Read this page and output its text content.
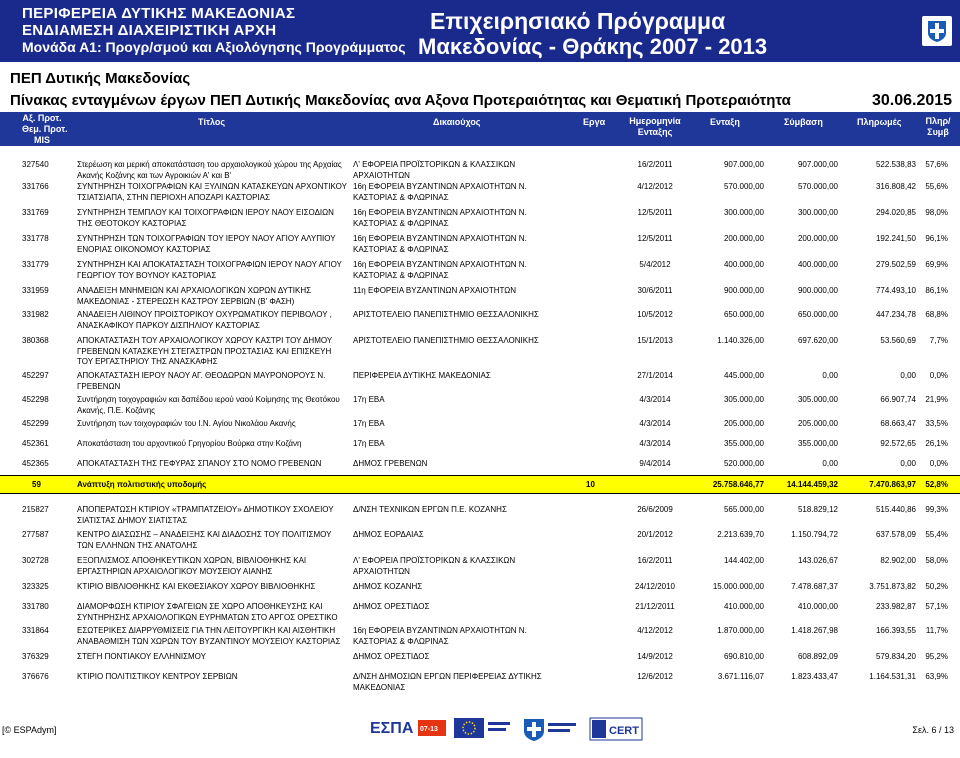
ΠΕΡΙΦΕΡΕΙΑ ΔΥΤΙΚΗΣ ΜΑΚΕΔΟΝΙΑΣ
ΕΝΔΙΑΜΕΣΗ ΔΙΑΧΕΙΡΙΣΤΙΚΗ ΑΡΧΗ
Μονάδα Α1: Προγρ/σμού και Αξιολόγησης Προγράμματος
Επιχειρησιακό Πρόγραμμα
Μακεδονίας - Θράκης 2007 - 2013
ΠΕΠ Δυτικής Μακεδονίας
Πίνακας ενταγμένων έργων ΠΕΠ Δυτικής Μακεδονίας ανα Αξονα Προτεραιότητας και Θεματική Προτεραιότητα	30.06.2015
Αξ. Προτ.
Θεμ. Προτ.
MIS
Τίτλος	Δικαιούχος	Εργα	Ημερομηνία
Ενταξης
Ενταξη	Σύμβαση	Πληρωμές	Πληρ/
Συμβ
327540	Στερέωση και μερική αποκατάσταση του αρχαιολογικού χώρου της Αρχαίας Ακανής Κοζάνης και των Αγροικιών Α' και Β'
Λ' ΕΦΟΡΕΙΑ ΠΡΟΪΣΤΟΡΙΚΩΝ & ΚΛΑΣΣΙΚΩΝ ΑΡΧΑΙΟΤΗΤΩΝ
16/2/2011	907.000,00	907.000,00	522.538,83	57,6%
331766	ΣΥΝΤΗΡΗΣΗ ΤΟΙΧΟΓΡΑΦΙΩΝ ΚΑΙ ΞΥΛΙΝΩΝ ΚΑΤΑΣΚΕΥΩΝ ΑΡΧΟΝΤΙΚΟΥ ΤΣΙΑΤΣΙΑΠΑ, ΣΤΗΝ ΠΕΡΙΟΧΗ ΑΠΟΖΑΡΙ ΚΑΣΤΟΡΙΑΣ
16η ΕΦΟΡΕΙΑ ΒΥΖΑΝΤΙΝΩΝ ΑΡΧΑΙΟΤΗΤΩΝ Ν. ΚΑΣΤΟΡΙΑΣ & ΦΛΩΡΙΝΑΣ
4/12/2012	570.000,00	570.000,00	316.808,42	55,6%
331769	ΣΥΝΤΗΡΗΣΗ ΤΕΜΠΛΟΥ ΚΑΙ ΤΟΙΧΟΓΡΑΦΙΩΝ ΙΕΡΟΥ ΝΑΟΥ ΕΙΣΟΔΙΩΝ ΤΗΣ ΘΕΟΤΟΚΟΥ ΚΑΣΤΟΡΙΑΣ
16η ΕΦΟΡΕΙΑ ΒΥΖΑΝΤΙΝΩΝ ΑΡΧΑΙΟΤΗΤΩΝ Ν. ΚΑΣΤΟΡΙΑΣ & ΦΛΩΡΙΝΑΣ
12/5/2011	300.000,00	300.000,00	294.020,85	98,0%
331778	ΣΥΝΤΗΡΗΣΗ ΤΩΝ ΤΟΙΧΟΓΡΑΦΙΩΝ ΤΟΥ ΙΕΡΟΥ ΝΑΟΥ ΑΓΙΟΥ ΑΛΥΠΙΟΥ ΕΝΟΡΙΑΣ ΟΙΚΟΝΟΜΟΥ ΚΑΣΤΟΡΙΑΣ
16η ΕΦΟΡΕΙΑ ΒΥΖΑΝΤΙΝΩΝ ΑΡΧΑΙΟΤΗΤΩΝ Ν. ΚΑΣΤΟΡΙΑΣ & ΦΛΩΡΙΝΑΣ
12/5/2011	200.000,00	200.000,00	192.241,50	96,1%
331779	ΣΥΝΤΗΡΗΣΗ ΚΑΙ ΑΠΟΚΑΤΑΣΤΑΣΗ ΤΟΙΧΟΓΡΑΦΙΩΝ ΙΕΡΟΥ ΝΑΟΥ ΑΓΙΟΥ ΓΕΩΡΓΙΟΥ ΤΟΥ ΒΟΥΝΟΥ ΚΑΣΤΟΡΙΑΣ
16η ΕΦΟΡΕΙΑ ΒΥΖΑΝΤΙΝΩΝ ΑΡΧΑΙΟΤΗΤΩΝ Ν. ΚΑΣΤΟΡΙΑΣ & ΦΛΩΡΙΝΑΣ
5/4/2012	400.000,00	400.000,00	279.502,59	69,9%
331959	ΑΝΑΔΕΙΞΗ ΜΝΗΜΕΙΩΝ ΚΑΙ ΑΡΧΑΙΟΛΟΓΙΚΩΝ ΧΩΡΩΝ ΔΥΤΙΚΗΣ ΜΑΚΕΔΟΝΙΑΣ - ΣΤΕΡΕΩΣΗ ΚΑΣΤΡΟΥ ΣΕΡΒΙΩΝ (Β' ΦΑΣΗ)
11η ΕΦΟΡΕΙΑ ΒΥΖΑΝΤΙΝΩΝ ΑΡΧΑΙΟΤΗΤΩΝ	30/6/2011	900.000,00	900.000,00	774.493,10	86,1%
331982	ΑΝΑΔΕΙΞΗ ΛΙΘΙΝΟΥ ΠΡΟΙΣΤΟΡΙΚΟΥ ΟΧΥΡΩΜΑΤΙΚΟΥ ΠΕΡΙΒΟΛΟΥ , ΑΝΑΣΚΑΦΙΚΟΥ ΠΑΡΚΟΥ ΔΙΣΠΗΛΙΟΥ ΚΑΣΤΟΡΙΑΣ
ΑΡΙΣΤΟΤΕΛΕΙΟ ΠΑΝΕΠΙΣΤΗΜΙΟ ΘΕΣΣΑΛΟΝΙΚΗΣ	10/5/2012	650.000,00	650.000,00	447.234,78	68,8%
380368	ΑΠΟΚΑΤΑΣΤΑΣΗ ΤΟΥ ΑΡΧΑΙΟΛΟΓΙΚΟΥ ΧΩΡΟΥ ΚΑΣΤΡΙ ΤΟΥ ΔΗΜΟΥ ΓΡΕΒΕΝΩΝ ΚΑΤΑΣΚΕΥΗ ΣΤΕΓΑΣΤΡΩΝ ΠΡΟΣΤΑΣΙΑΣ ΚΑΙ ΕΠΙΣΚΕΥΗ ΤΟΥ ΕΡΓΑΣΤΗΡΙΟΥ ΤΗΣ ΑΝΑΣΚΑΦΗΣ
ΑΡΙΣΤΟΤΕΛΕΙΟ ΠΑΝΕΠΙΣΤΗΜΙΟ ΘΕΣΣΑΛΟΝΙΚΗΣ	15/1/2013	1.140.326,00	697.620,00	53.560,69	7,7%
452297	ΑΠΟΚΑΤΑΣΤΑΣΗ ΙΕΡΟΥ ΝΑΟΥ ΑΓ. ΘΕΟΔΩΡΩΝ ΜΑΥΡΟΝΟΡΟΥΣ Ν. ΓΡΕΒΕΝΩΝ
ΠΕΡΙΦΕΡΕΙΑ ΔΥΤΙΚΗΣ ΜΑΚΕΔΟΝΙΑΣ	27/1/2014	445.000,00	0,00	0,00	0,0%
452298	Συντήρηση τοιχογραφιών και δαπέδου ιερού ναού Κοίμησης της Θεοτόκου Ακανής, Π.Ε. Κοζάνης
17η ΕΒΑ	4/3/2014	305.000,00	305.000,00	66.907,74	21,9%
452299	Συντήρηση των τοιχογραφιών του Ι.Ν. Αγίου Νικολάου Ακανής	17η ΕΒΑ	4/3/2014	205.000,00	205.000,00	68.663,47	33,5%
452361	Αποκατάσταση του αρχοντικού Γρηγορίου Βούρκα στην Κοζάνη	17η ΕΒΑ	4/3/2014	355.000,00	355.000,00	92.572,65	26,1%
452365	ΑΠΟΚΑΤΑΣΤΑΣΗ ΤΗΣ ΓΕΦΥΡΑΣ ΣΠΑΝΟΥ ΣΤΟ ΝΟΜΟ ΓΡΕΒΕΝΩΝ	ΔΗΜΟΣ ΓΡΕΒΕΝΩΝ	9/4/2014	520.000,00	0,00	0,00	0,0%
59	Ανάπτυξη πολιτιστικής υποδομής	10	25.758.646,77	14.144.459,32	7.470.863,97	52,8%
215827	ΑΠΟΠΕΡΑΤΩΣΗ ΚΤΙΡΙΟΥ «ΤΡΑΜΠΑΤΖΕΙΟΥ» ΔΗΜΟΤΙΚΟΥ ΣΧΟΛΕΙΟΥ ΣΙΑΤΙΣΤΑΣ ΔΗΜΟΥ ΣΙΑΤΙΣΤΑΣ
Δ/ΝΣΗ ΤΕΧΝΙΚΩΝ ΕΡΓΩΝ Π.Ε. ΚΟΖΑΝΗΣ	26/6/2009	565.000,00	518.829,12	515.440,86	99,3%
277587	ΚΕΝΤΡΟ ΔΙΑΣΩΣΗΣ – ΑΝΑΔΕΙΞΗΣ ΚΑΙ ΔΙΑΔΟΣΗΣ ΤΟΥ ΠΟΛΙΤΙΣΜΟΥ ΤΩΝ ΕΛΛΗΝΩΝ ΤΗΣ ΑΝΑΤΟΛΗΣ
ΔΗΜΟΣ ΕΟΡΔΑΙΑΣ	20/1/2012	2.213.639,70	1.150.794,72	637.578,09	55,4%
302728	ΕΞΟΠΛΙΣΜΟΣ ΑΠΟΘΗΚΕΥΤΙΚΩΝ ΧΩΡΩΝ, ΒΙΒΛΙΟΘΗΚΗΣ ΚΑΙ ΕΡΓΑΣΤΗΡΙΩΝ ΑΡΧΑΙΟΛΟΓΙΚΟΥ ΜΟΥΣΕΙΟΥ ΑΙΑΝΗΣ
Λ' ΕΦΟΡΕΙΑ ΠΡΟΪΣΤΟΡΙΚΩΝ & ΚΛΑΣΣΙΚΩΝ ΑΡΧΑΙΟΤΗΤΩΝ
16/2/2011	144.402,00	143.026,67	82.902,00	58,0%
323325	ΚΤΙΡΙΟ ΒΙΒΛΙΟΘΗΚΗΣ ΚΑΙ ΕΚΘΕΣΙΑΚΟΥ ΧΩΡΟΥ ΒΙΒΛΙΟΘΗΚΗΣ	ΔΗΜΟΣ ΚΟΖΑΝΗΣ	24/12/2010	15.000.000,00	7.478.687,37	3.751.873,82	50,2%
331780	ΔΙΑΜΟΡΦΩΣΗ ΚΤΙΡΙΟΥ ΣΦΑΓΕΙΩΝ ΣΕ ΧΩΡΟ ΑΠΟΘΗΚΕΥΣΗΣ ΚΑΙ ΣΥΝΤΗΡΗΣΗΣ ΑΡΧΑΙΟΛΟΓΙΚΩΝ ΕΥΡΗΜΑΤΩΝ ΣΤΟ ΑΡΓΟΣ ΟΡΕΣΤΙΚΟ
ΔΗΜΟΣ ΟΡΕΣΤΙΔΟΣ	21/12/2011	410.000,00	410.000,00	233.982,87	57,1%
331864	ΕΣΩΤΕΡΙΚΕΣ ΔΙΑΡΡΥΘΜΙΣΕΙΣ ΓΙΑ ΤΗΝ ΛΕΙΤΟΥΡΓΙΚΗ ΚΑΙ ΑΙΣΘΗΤΙΚΗ ΑΝΑΒΑΘΜΙΣΗ ΤΩΝ ΧΩΡΩΝ ΤΟΥ ΒΥΖΑΝΤΙΝΟΥ ΜΟΥΣΕΙΟΥ ΚΑΣΤΟΡΙΑΣ
16η ΕΦΟΡΕΙΑ ΒΥΖΑΝΤΙΝΩΝ ΑΡΧΑΙΟΤΗΤΩΝ Ν. ΚΑΣΤΟΡΙΑΣ & ΦΛΩΡΙΝΑΣ
4/12/2012	1.870.000,00	1.418.267,98	166.393,55	11,7%
376329	ΣΤΕΓΗ ΠΟΝΤΙΑΚΟΥ ΕΛΛΗΝΙΣΜΟΥ	ΔΗΜΟΣ ΟΡΕΣΤΙΔΟΣ	14/9/2012	690.810,00	608.892,09	579.834,20	95,2%
376676	ΚΤΙΡΙΟ ΠΟΛΙΤΙΣΤΙΚΟΥ ΚΕΝΤΡΟΥ ΣΕΡΒΙΩΝ	Δ/ΝΣΗ ΔΗΜΟΣΙΩΝ ΕΡΓΩΝ ΠΕΡΙΦΕΡΕΙΑΣ ΔΥΤΙΚΗΣ ΜΑΚΕΔΟΝΙΑΣ
12/6/2012	3.671.116,07	1.823.433,47	1.164.531,31	63,9%
[© ESPAdym]	ΕΣΠΑ 07-13	CERT	Σελ. 6 / 13
